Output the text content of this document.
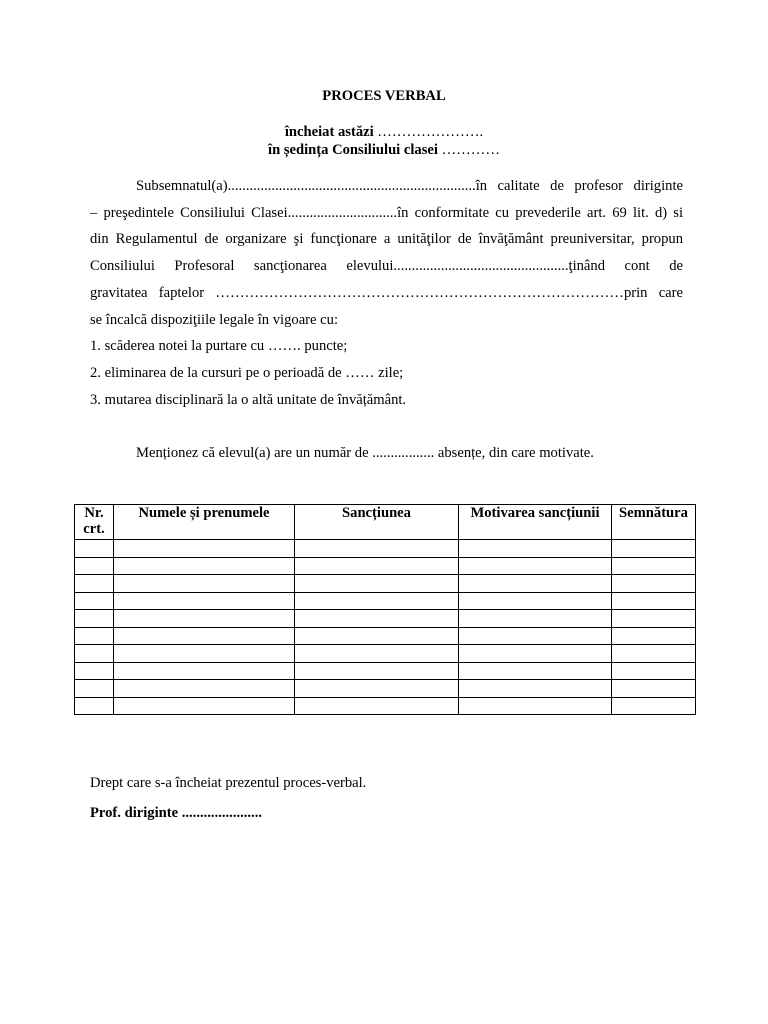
PROCES VERBAL
încheiat astăzi ………………….
în ședința Consiliului clasei …………
Subsemnatul(a)....................................................................în calitate de profesor diriginte
– preşedintele Consiliului Clasei..............................în conformitate cu prevederile art. 69 lit. d) si
din Regulamentul de organizare şi funcţionare a unităţilor de învăţământ preuniversitar, propun
Consiliului Profesoral sancţionarea elevului................................................ţinând cont de
gravitatea faptelor …………………………………………………………………………prin care
se încalcă dispoziţiile legale în vigoare cu:
1. scăderea notei la purtare cu ……. puncte;
2. eliminarea de la cursuri pe o perioadă de …… zile;
3. mutarea disciplinară la o altă unitate de învățământ.
Menționez că elevul(a) are un număr de ................. absențe, din care motivate.
Nr. crt.	Numele și prenumele	Sancțiunea	Motivarea sancțiunii	Semnătura

Drept care s-a încheiat prezentul proces-verbal.
Prof. diriginte ......................
